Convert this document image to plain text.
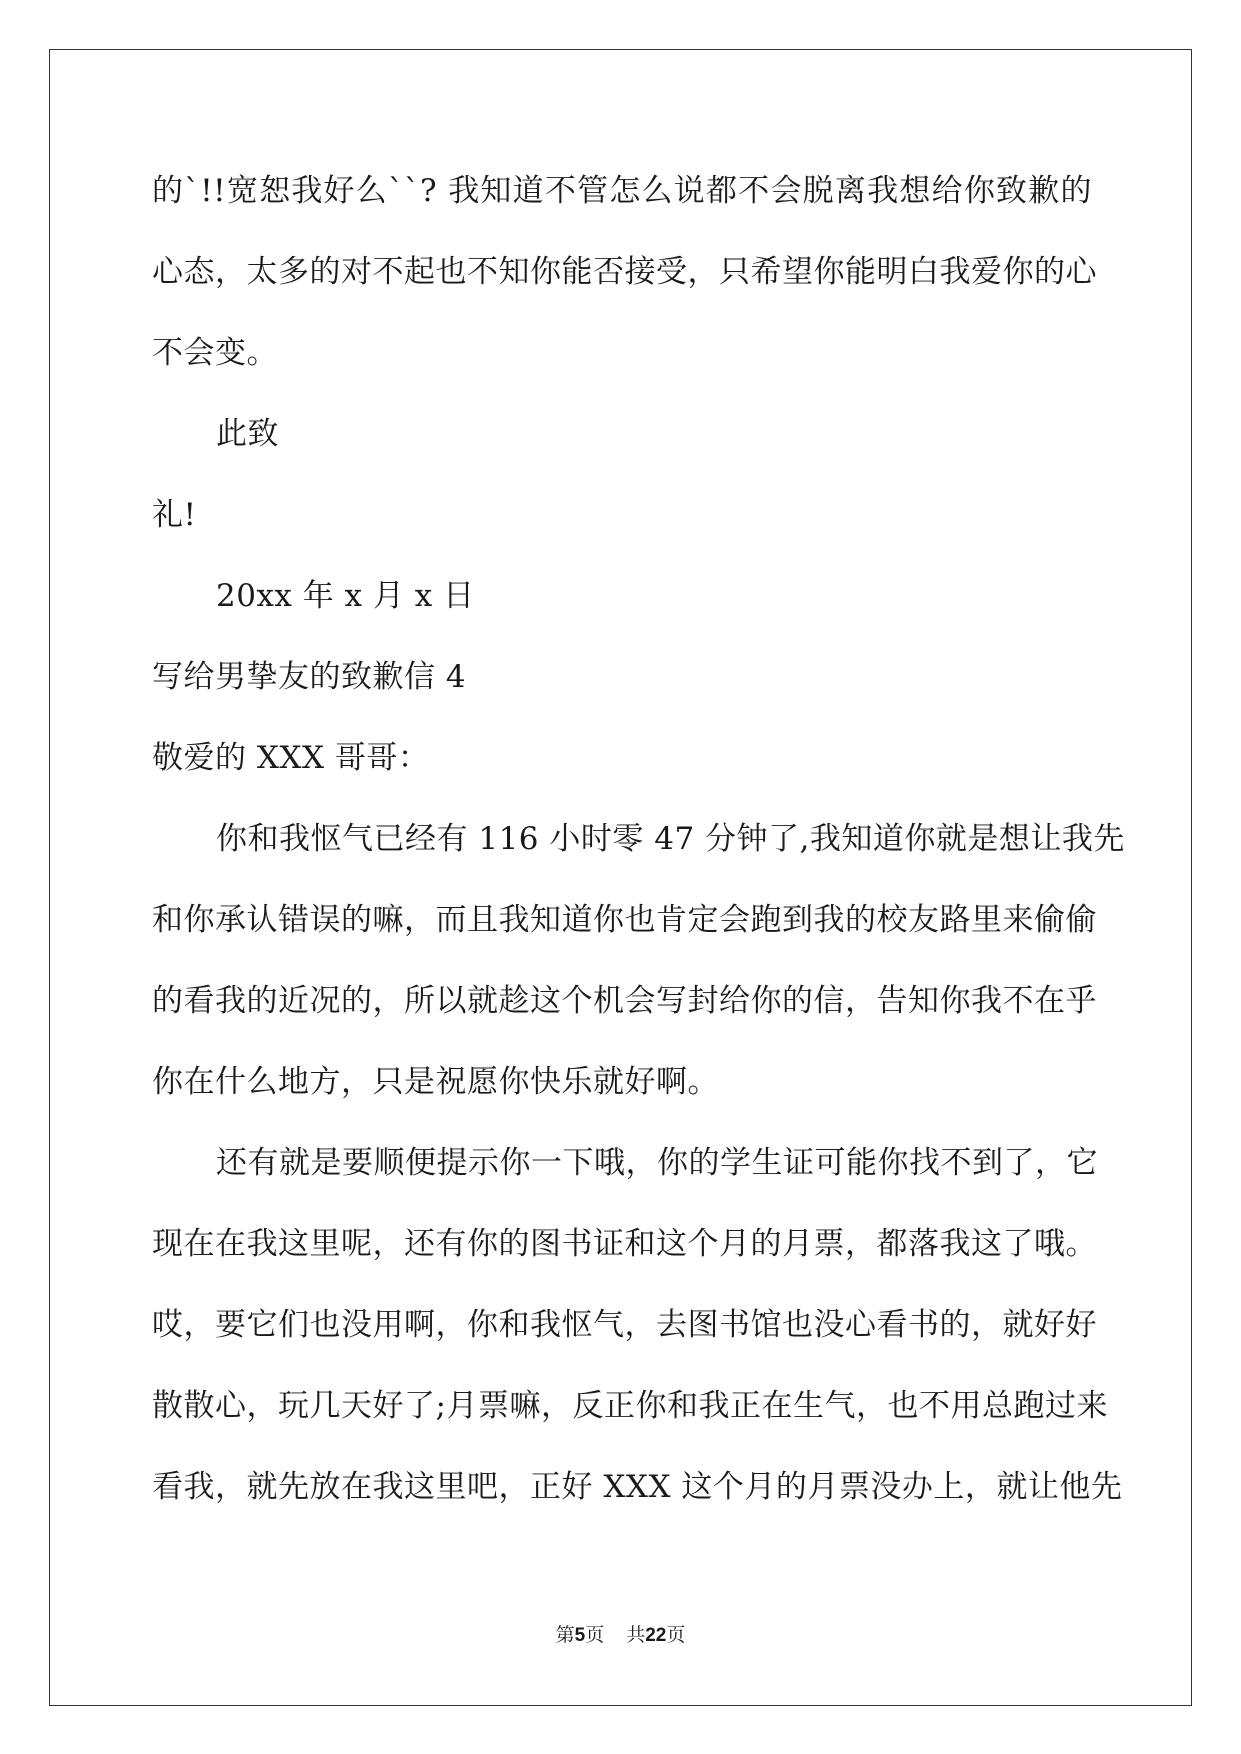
的`!!宽恕我好么``? 我知道不管怎么说都不会脱离我想给你致歉的
心态，太多的对不起也不知你能否接受，只希望你能明白我爱你的心
不会变。
此致
礼!
20xx 年 x 月 x 日
写给男挚友的致歉信 4
敬爱的 XXX 哥哥：
你和我怄气已经有 116 小时零 47 分钟了,我知道你就是想让我先
和你承认错误的嘛，而且我知道你也肯定会跑到我的校友路里来偷偷
的看我的近况的，所以就趁这个机会写封给你的信，告知你我不在乎
你在什么地方，只是祝愿你快乐就好啊。
还有就是要顺便提示你一下哦，你的学生证可能你找不到了，它
现在在我这里呢，还有你的图书证和这个月的月票，都落我这了哦。
哎，要它们也没用啊，你和我怄气，去图书馆也没心看书的，就好好
散散心，玩几天好了;月票嘛，反正你和我正在生气，也不用总跑过来
看我，就先放在我这里吧，正好 XXX 这个月的月票没办上，就让他先
第5页 共22页
